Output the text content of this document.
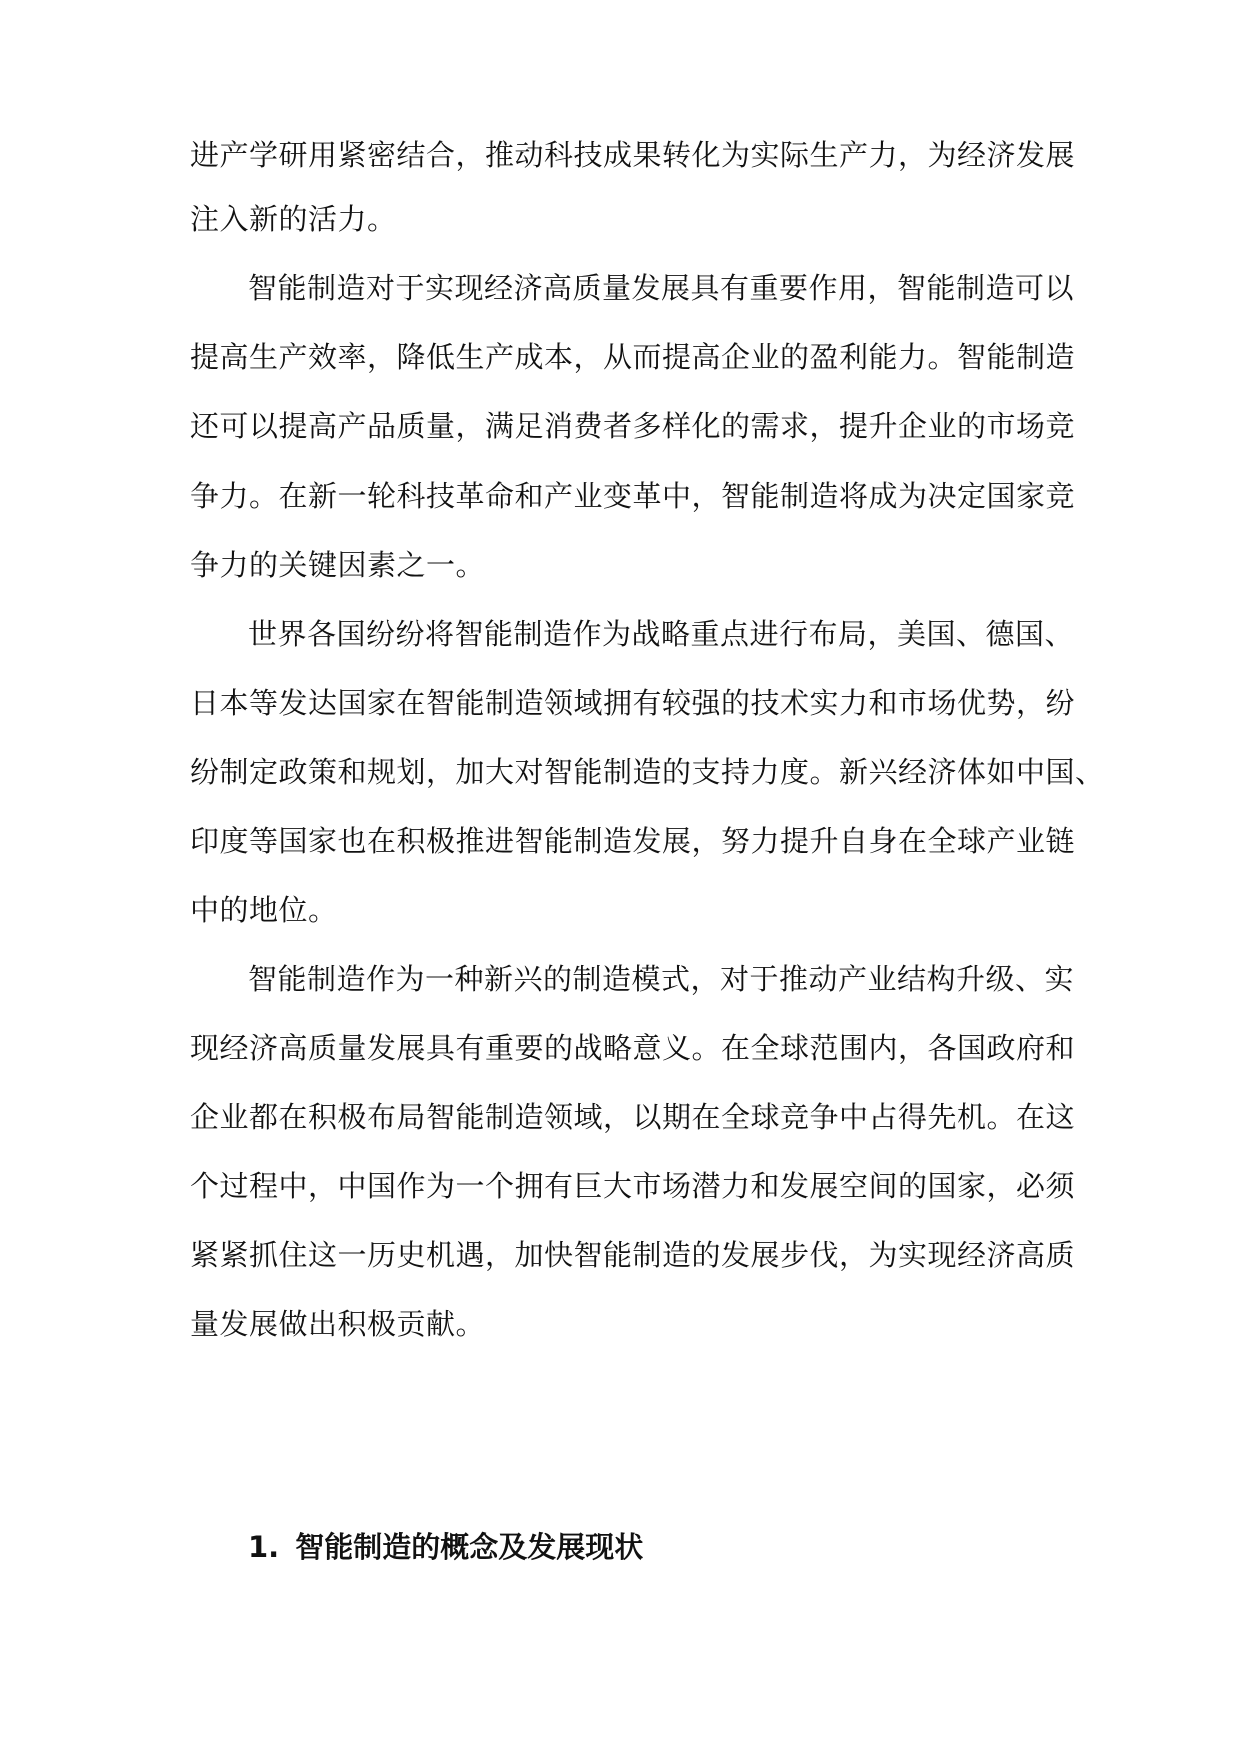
进产学研用紧密结合，推动科技成果转化为实际生产力，为经济发展
注入新的活力。
智能制造对于实现经济高质量发展具有重要作用，智能制造可以
提高生产效率，降低生产成本，从而提高企业的盈利能力。智能制造
还可以提高产品质量，满足消费者多样化的需求，提升企业的市场竞
争力。在新一轮科技革命和产业变革中，智能制造将成为决定国家竞
争力的关键因素之一。
世界各国纷纷将智能制造作为战略重点进行布局，美国、德国、
日本等发达国家在智能制造领域拥有较强的技术实力和市场优势，纷
纷制定政策和规划，加大对智能制造的支持力度。新兴经济体如中国、
印度等国家也在积极推进智能制造发展，努力提升自身在全球产业链
中的地位。
智能制造作为一种新兴的制造模式，对于推动产业结构升级、实
现经济高质量发展具有重要的战略意义。在全球范围内，各国政府和
企业都在积极布局智能制造领域，以期在全球竞争中占得先机。在这
个过程中，中国作为一个拥有巨大市场潜力和发展空间的国家，必须
紧紧抓住这一历史机遇，加快智能制造的发展步伐，为实现经济高质
量发展做出积极贡献。
1. 智能制造的概念及发展现状
